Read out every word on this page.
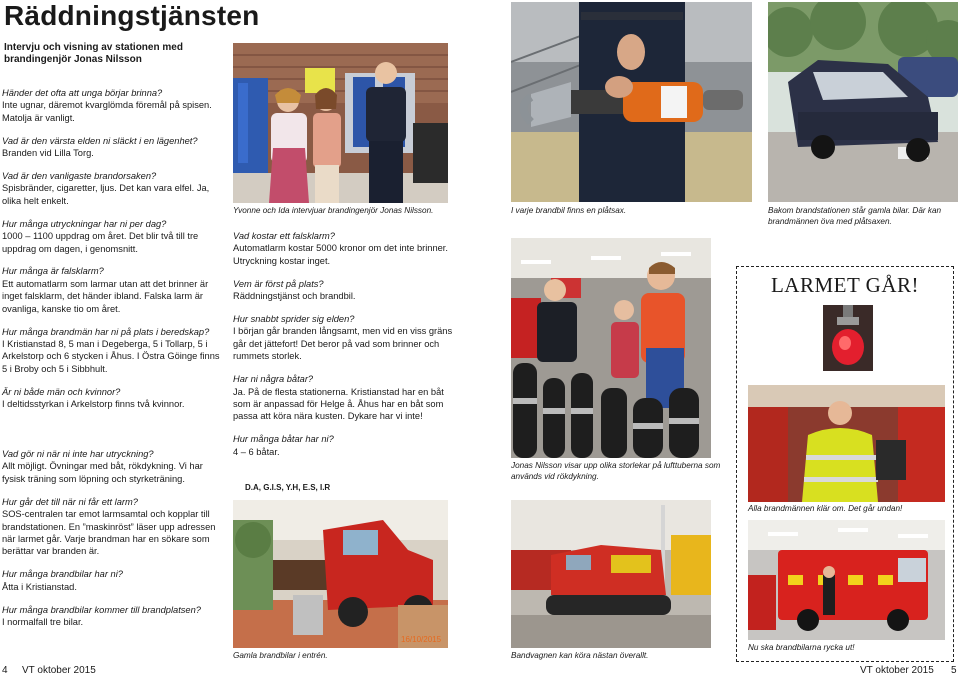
Räddningstjänsten
Intervju och visning av stationen med brandingenjör Jonas Nilsson
Händer det ofta att unga börjar brinna?
Inte ugnar, däremot kvarglömda föremål på spisen. Matolja är vanligt.
Vad är den värsta elden ni släckt i en lägenhet?
Branden vid Lilla Torg.
Vad är den vanligaste brandorsaken?
Spisbränder, cigaretter, ljus. Det kan vara elfel. Ja, olika helt enkelt.
Hur många utryckningar har ni per dag?
1000 – 1100 uppdrag om året. Det blir två till tre uppdrag om dagen, i genomsnitt.
Hur många är falsklarm?
Ett automatlarm som larmar utan att det brinner är inget falsklarm, det händer ibland. Falska larm är ovanliga, kanske tio om året.
Hur många brandmän har ni på plats i beredskap?
I Kristianstad 8, 5 man i Degeberga, 5 i Tollarp, 5 i Arkelstorp och 6 stycken i Åhus. I Östra Göinge finns 5 i Broby och 5 i Sibbhult.
Är ni både män och kvinnor?
I deltidsstyrkan i Arkelstorp finns två kvinnor.
Vad gör ni när ni inte har utryckning?
Allt möjligt. Övningar med båt, rökdykning. Vi har fysisk träning som löpning och styrketräning.
Hur går det till när ni får ett larm?
SOS-centralen tar emot larmsamtal och kopplar till brandstationen. En ”maskinröst” läser upp adressen när larmet går. Varje brandman har en sökare som berättar var branden är.
Hur många brandbilar har ni?
Åtta i Kristianstad.
Hur många brandbilar kommer till brandplatsen?
I normalfall tre bilar.
Vad kostar ett falsklarm?
Automatlarm kostar 5000 kronor om det inte brinner. Utryckning kostar inget.
Vem är först på plats?
Räddningstjänst och brandbil.
Hur snabbt sprider sig elden?
I början går branden långsamt, men vid en viss gräns går det jättefort! Det beror på vad som brinner och rummets storlek.
Har ni några båtar?
Ja. På de flesta stationerna. Kristianstad har en båt som är anpassad för Helge å. Åhus har en båt som passa att köra nära kusten. Dykare har vi inte!
Hur många båtar har ni?
4 – 6 båtar.
D.A, G.I.S, Y.H, E.S, I.R
Yvonne och Ida intervjuar brandingenjör Jonas Nilsson.	I varje brandbil finns en plåtsax.	Bakom brandstationen står gamla bilar. Där kan brandmännen öva med plåtsaxen.
Jonas Nilsson visar upp olika storlekar på lufttuberna som används vid rökdykning.
LARMET GÅR!
Alla brandmännen klär om. Det går undan!
Nu ska brandbilarna rycka ut!
16/10/2015
Gamla brandbilar i entrén.	Bandvagnen kan köra nästan överallt.
4 VT oktober 2015	VT oktober 2015 5
